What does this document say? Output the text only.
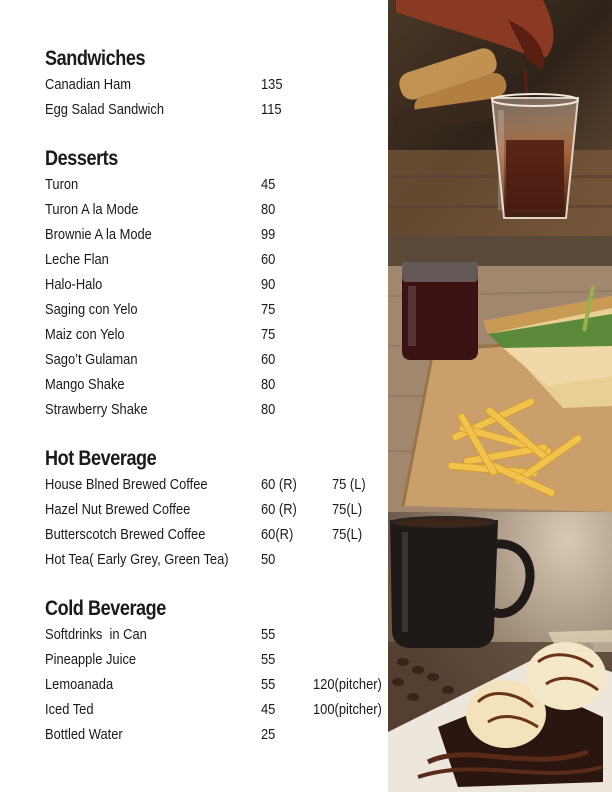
Sandwiches
Canadian Ham	135
Egg Salad Sandwich	115
Desserts
Turon	45
Turon A la Mode	80
Brownie A la Mode	99
Leche Flan	60
Halo-Halo	90
Saging con Yelo	75
Maiz con Yelo	75
Sago’t Gulaman	60
Mango Shake	80
Strawberry Shake	80
Hot Beverage
House Blned Brewed Coffee	60 (R) 75 (L)
Hazel Nut Brewed Coffee	60 (R) 75(L)
Butterscotch Brewed Coffee	60(R)	75(L)
Hot Tea( Early Grey, Green Tea) 50
Cold Beverage
Softdrinks  in Can	55
Pineapple Juice	55
Lemoanada	55	120(pitcher)
Iced Ted	45	100(pitcher)
Bottled Water	25
